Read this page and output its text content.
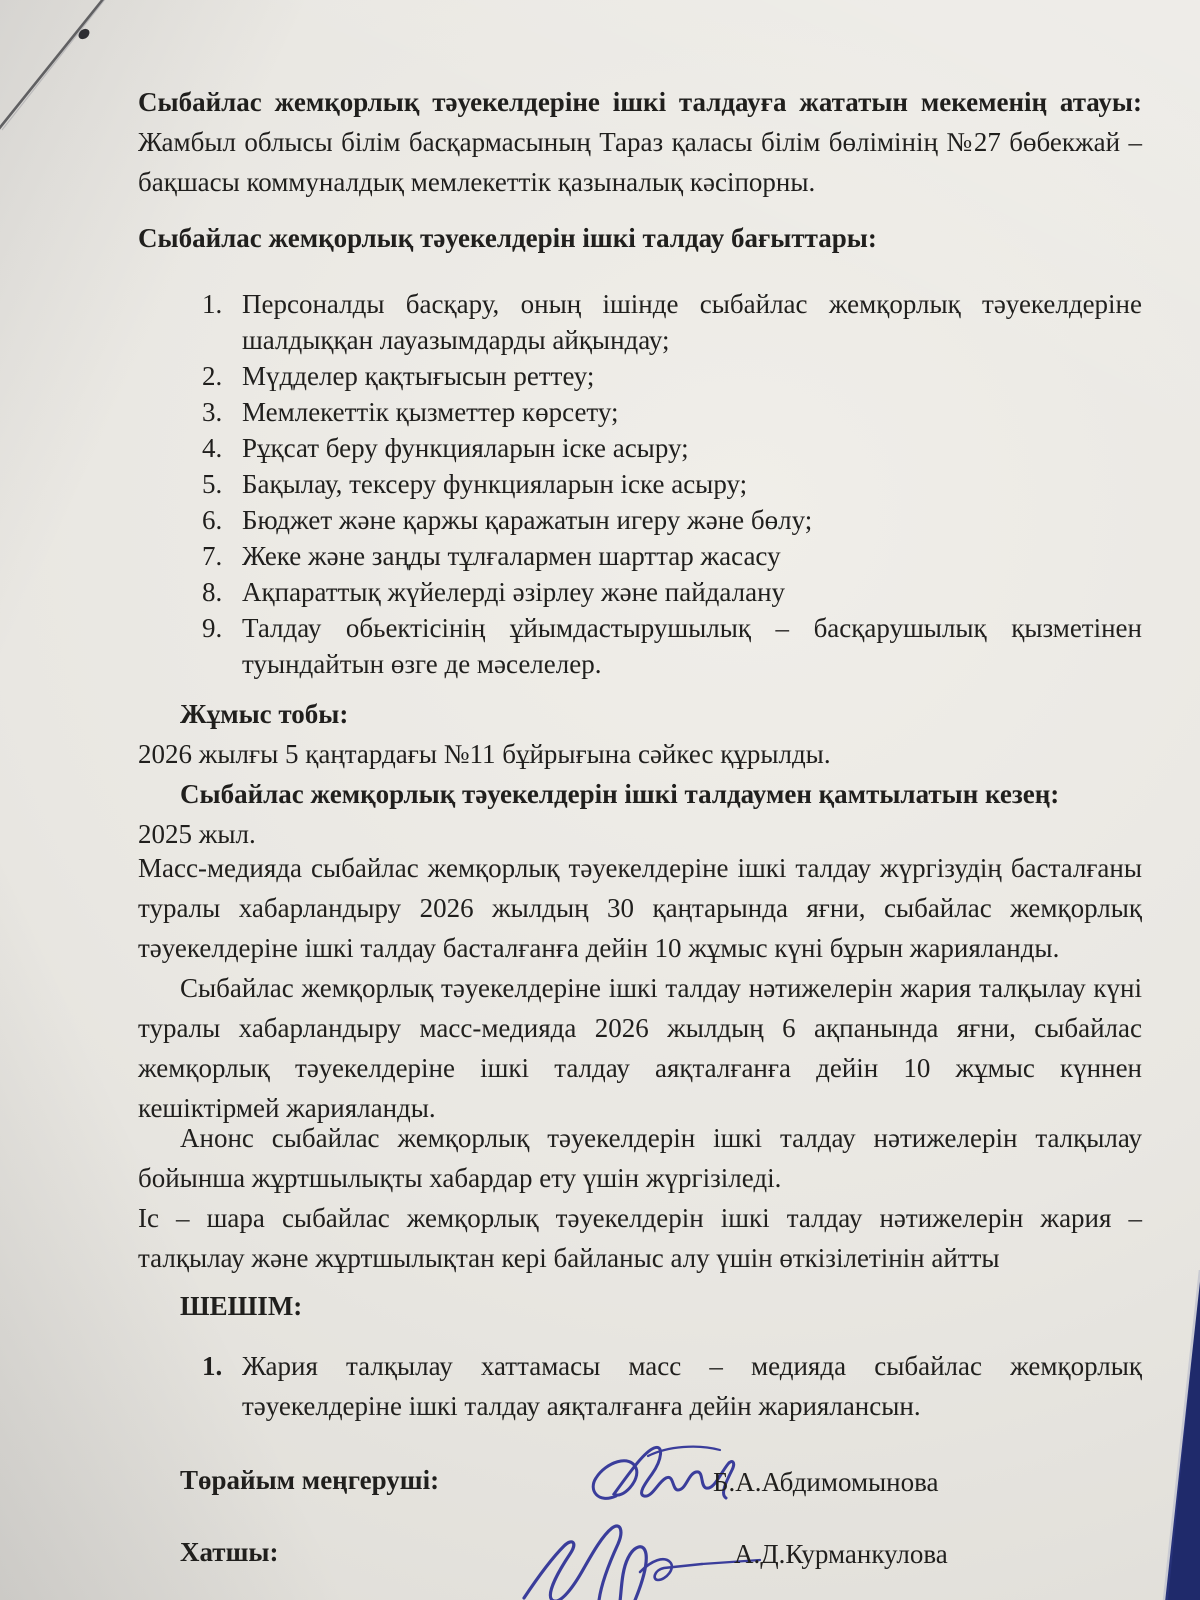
Сыбайлас жемқорлық тәуекелдеріне ішкі талдауға жататын мекеменің атауы: Жамбыл облысы білім басқармасының Тараз қаласы білім бөлімінің №27 бөбекжай – бақшасы коммуналдық мемлекеттік қазыналық кәсіпорны.

Сыбайлас жемқорлық тәуекелдерін ішкі талдау бағыттары:

1. Персоналды басқару, оның ішінде сыбайлас жемқорлық тәуекелдеріне шалдыққан лауазымдарды айқындау;
2. Мүдделер қақтығысын реттеу;
3. Мемлекеттік қызметтер көрсету;
4. Рұқсат беру функцияларын іске асыру;
5. Бақылау, тексеру функцияларын іске асыру;
6. Бюджет және қаржы қаражатын игеру және бөлу;
7. Жеке және заңды тұлғалармен шарттар жасасу
8. Ақпараттық жүйелерді әзірлеу және пайдалану
9. Талдау обьектісінің ұйымдастырушылық – басқарушылық қызметінен туындайтын өзге де мәселелер.

Жұмыс тобы:

2026 жылғы 5 қаңтардағы №11 бұйрығына сәйкес құрылды.

Сыбайлас жемқорлық тәуекелдерін ішкі талдаумен қамтылатын кезең:

2025 жыл.

Масс-медияда сыбайлас жемқорлық тәуекелдеріне ішкі талдау жүргізудің басталғаны туралы хабарландыру 2026 жылдың 30 қаңтарында яғни, сыбайлас жемқорлық тәуекелдеріне ішкі талдау басталғанға дейін 10 жұмыс күні бұрын жарияланды.

Сыбайлас жемқорлық тәуекелдеріне ішкі талдау нәтижелерін жария талқылау күні туралы хабарландыру масс-медияда 2026 жылдың 6 ақпанында яғни, сыбайлас жемқорлық тәуекелдеріне ішкі талдау аяқталғанға дейін 10 жұмыс күннен кешіктірмей жарияланды.

Анонс сыбайлас жемқорлық тәуекелдерін ішкі талдау нәтижелерін талқылау бойынша жұртшылықты хабардар ету үшін жүргізіледі.

Іс – шара сыбайлас жемқорлық тәуекелдерін ішкі талдау нәтижелерін жария – талқылау және жұртшылықтан кері байланыс алу үшін өткізілетінін айтты

ШЕШІМ:

1. Жария талқылау хаттамасы масс – медияда сыбайлас жемқорлық тәуекелдеріне ішкі талдау аяқталғанға дейін жариялансын.
Төрайым меңгеруші:	Б.А.Абдимомынова
Хатшы:	А.Д.Курманкулова
